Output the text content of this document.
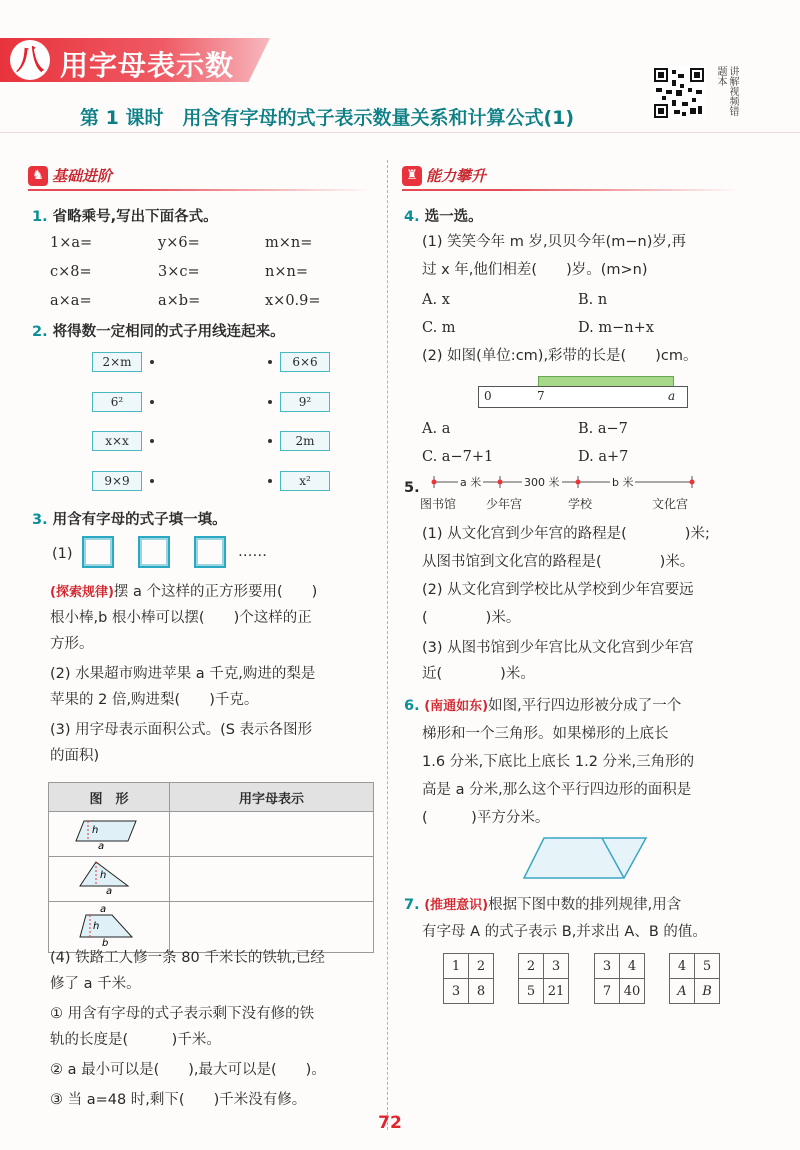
八 用字母表示数
第 1 课时　用含有字母的式子表示数量关系和计算公式(1)
讲解视频错题本
♞ 基础进阶
1. 省略乘号,写出下面各式。
1×a=	y×6=	m×n=
c×8=	3×c=	n×n=
a×a=	a×b=	x×0.9=
2. 将得数一定相同的式子用线连起来。
2×m
6²
x×x
9×9
6×6
9²
2m
x²
3. 用含有字母的式子填一填。
(1)	……
(探索规律)摆 a 个这样的正方形要用(　　)
根小棒,b 根小棒可以摆(　　)个这样的正
方形。
(2) 水果超市购进苹果 a 千克,购进的梨是
苹果的 2 倍,购进梨(　　)千克。
(3) 用字母表示面积公式。(S 表示各图形
的面积)
图　形	用字母表示

h
a	

h
a	

a
h
b	

(4) 铁路工人修一条 80 千米长的铁轨,已经
修了 a 千米。
① 用含有字母的式子表示剩下没有修的铁
轨的长度是(　　　)千米。
② a 最小可以是(　　),最大可以是(　　)。
③ 当 a=48 时,剩下(　　)千米没有修。
♜ 能力攀升
4. 选一选。
(1) 笑笑今年 m 岁,贝贝今年(m−n)岁,再
过 x 年,他们相差(　　)岁。(m>n)
A. x	B. n
C. m	D. m−n+x
(2) 如图(单位:cm),彩带的长是(　　)cm。
0	7	a
A. a	B. a−7
C. a−7+1	D. a+7
5.	a 米	300 米	b 米
图书馆 少年宫	学校	文化宫
(1) 从文化宫到少年宫的路程是(　　　　)米;
从图书馆到文化宫的路程是(　　　　)米。
(2) 从文化宫到学校比从学校到少年宫要远
(　　　　)米。
(3) 从图书馆到少年宫比从文化宫到少年宫
近(　　　　)米。
6. (南通如东)如图,平行四边形被分成了一个
梯形和一个三角形。如果梯形的上底长
1.6 分米,下底比上底长 1.2 分米,三角形的
高是 a 分米,那么这个平行四边形的面积是
(　　　)平方分米。
7. (推理意识)根据下图中数的排列规律,用含
有字母 A 的式子表示 B,并求出 A、B 的值。
1	2
3	8
2	3
5	21
3	4
7	40
4	5
A	B
72
